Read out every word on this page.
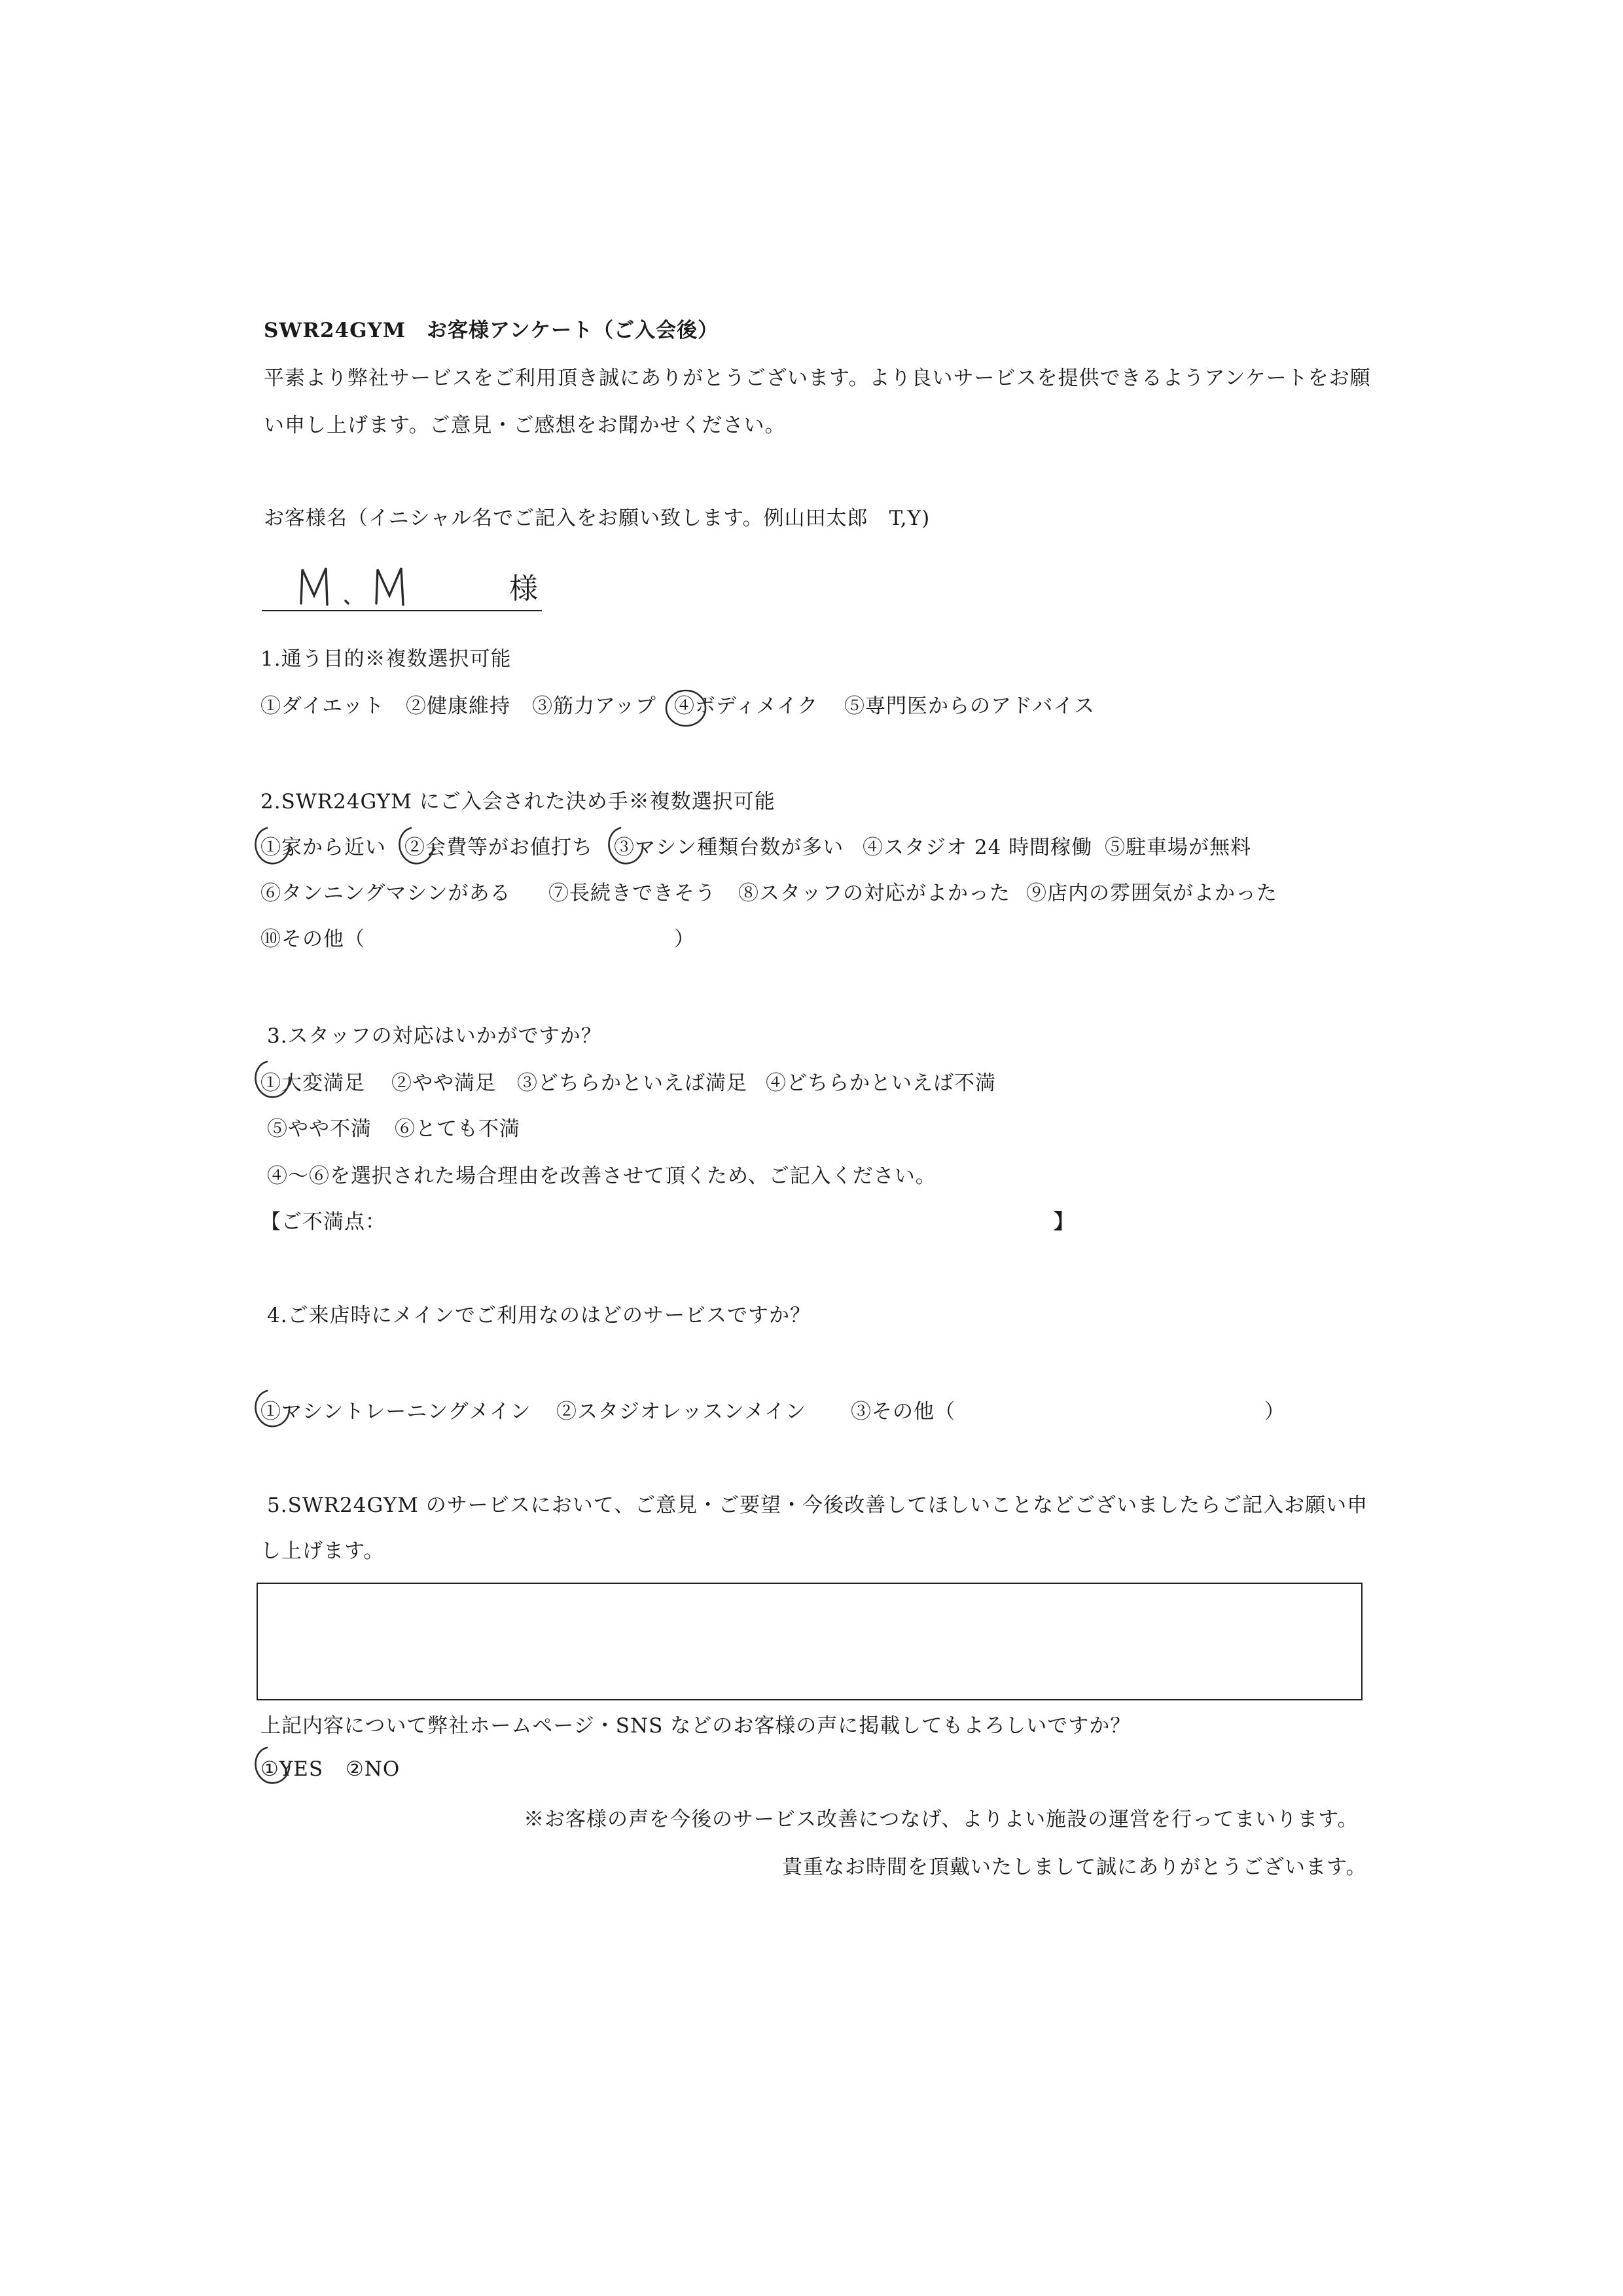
SWR24GYM　お客様アンケート（ご入会後）
平素より弊社サービスをご利用頂き誠にありがとうございます。より良いサービスを提供できるようアンケートをお願
い申し上げます。ご意見・ご感想をお聞かせください。
お客様名（イニシャル名でご記入をお願い致します。例山田太郎　T,Y)
様
1.通う目的※複数選択可能
①ダイエット ②健康維持 ③筋力アップ ④ボディメイク ⑤専門医からのアドバイス
2.SWR24GYM にご入会された決め手※複数選択可能
①家から近い ②会費等がお値打ち ③マシン種類台数が多い ④スタジオ 24 時間稼働 ⑤駐車場が無料
⑥タンニングマシンがある ⑦長続きできそう ⑧スタッフの対応がよかった ⑨店内の雰囲気がよかった
⑩その他（	）
3.スタッフの対応はいかがですか？
①大変満足 ②やや満足 ③どちらかといえば満足 ④どちらかといえば不満
⑤やや不満 ⑥とても不満
④～⑥を選択された場合理由を改善させて頂くため、ご記入ください。
【ご不満点：	】
4.ご来店時にメインでご利用なのはどのサービスですか？
①マシントレーニングメイン ②スタジオレッスンメイン ③その他（	）
5.SWR24GYM のサービスにおいて、ご意見・ご要望・今後改善してほしいことなどございましたらご記入お願い申
し上げます。
上記内容について弊社ホームページ・SNS などのお客様の声に掲載してもよろしいですか？
①YES ②NO
※お客様の声を今後のサービス改善につなげ、よりよい施設の運営を行ってまいります。
貴重なお時間を頂戴いたしまして誠にありがとうございます。
